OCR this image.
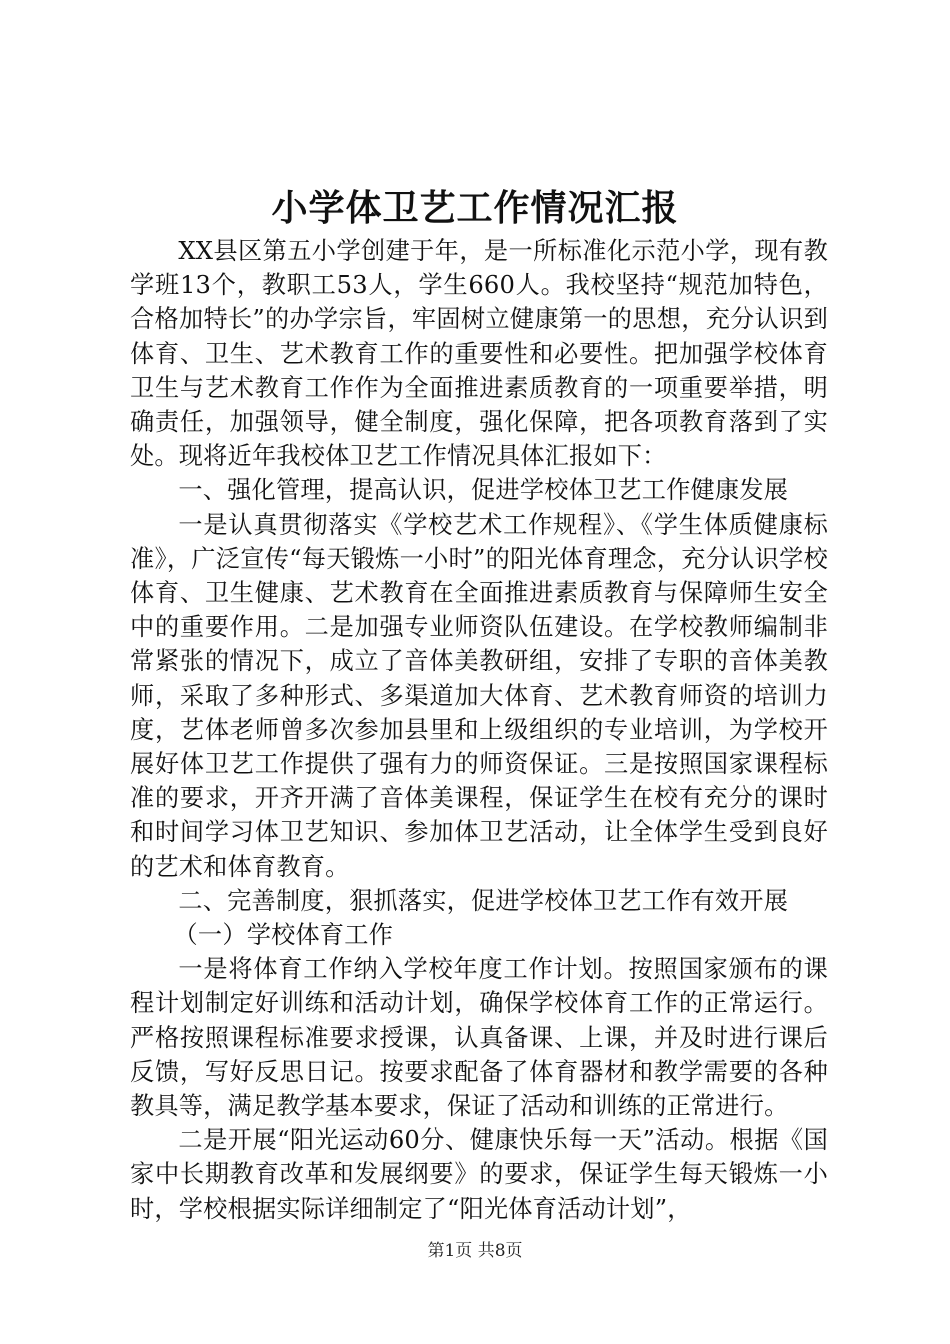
小学体卫艺工作情况汇报

XX县区第五小学创建于年，是一所标准化示范小学，现有教学班13个，教职工53人，学生660人。我校坚持“规范加特色，合格加特长”的办学宗旨，牢固树立健康第一的思想，充分认识到体育、卫生、艺术教育工作的重要性和必要性。把加强学校体育卫生与艺术教育工作作为全面推进素质教育的一项重要举措，明确责任，加强领导，健全制度，强化保障，把各项教育落到了实处。现将近年我校体卫艺工作情况具体汇报如下：

一、强化管理，提高认识，促进学校体卫艺工作健康发展

一是认真贯彻落实《学校艺术工作规程》、《学生体质健康标准》，广泛宣传“每天锻炼一小时”的阳光体育理念，充分认识学校体育、卫生健康、艺术教育在全面推进素质教育与保障师生安全中的重要作用。二是加强专业师资队伍建设。在学校教师编制非常紧张的情况下，成立了音体美教研组，安排了专职的音体美教师，采取了多种形式、多渠道加大体育、艺术教育师资的培训力度，艺体老师曾多次参加县里和上级组织的专业培训，为学校开展好体卫艺工作提供了强有力的师资保证。三是按照国家课程标准的要求，开齐开满了音体美课程，保证学生在校有充分的课时和时间学习体卫艺知识、参加体卫艺活动，让全体学生受到良好的艺术和体育教育。

二、完善制度，狠抓落实，促进学校体卫艺工作有效开展

（一）学校体育工作

一是将体育工作纳入学校年度工作计划。按照国家颁布的课程计划制定好训练和活动计划，确保学校体育工作的正常运行。严格按照课程标准要求授课，认真备课、上课，并及时进行课后反馈，写好反思日记。按要求配备了体育器材和教学需要的各种教具等，满足教学基本要求，保证了活动和训练的正常进行。

二是开展“阳光运动60分、健康快乐每一天”活动。根据《国家中长期教育改革和发展纲要》的要求，保证学生每天锻炼一小时，学校根据实际详细制定了“阳光体育活动计划”，

第1页 共8页
